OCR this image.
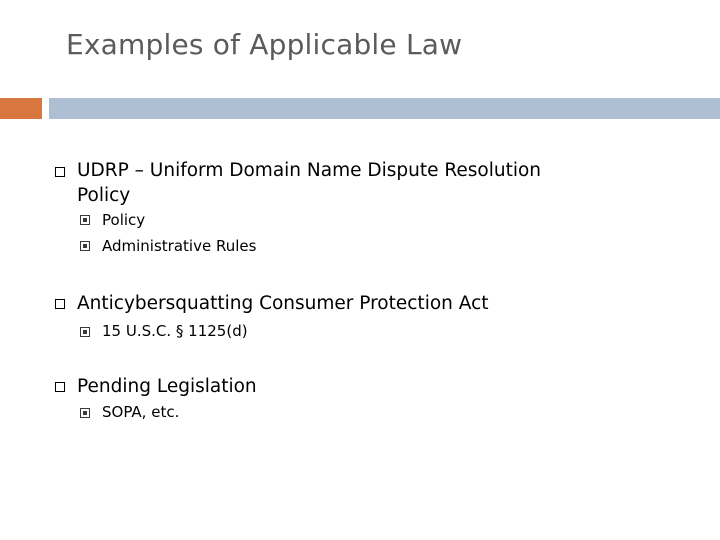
Examples of Applicable Law
UDRP – Uniform Domain Name Dispute Resolution
Policy
Policy
Administrative Rules
Anticybersquatting Consumer Protection Act
15 U.S.C. § 1125(d)
Pending Legislation
SOPA, etc.
